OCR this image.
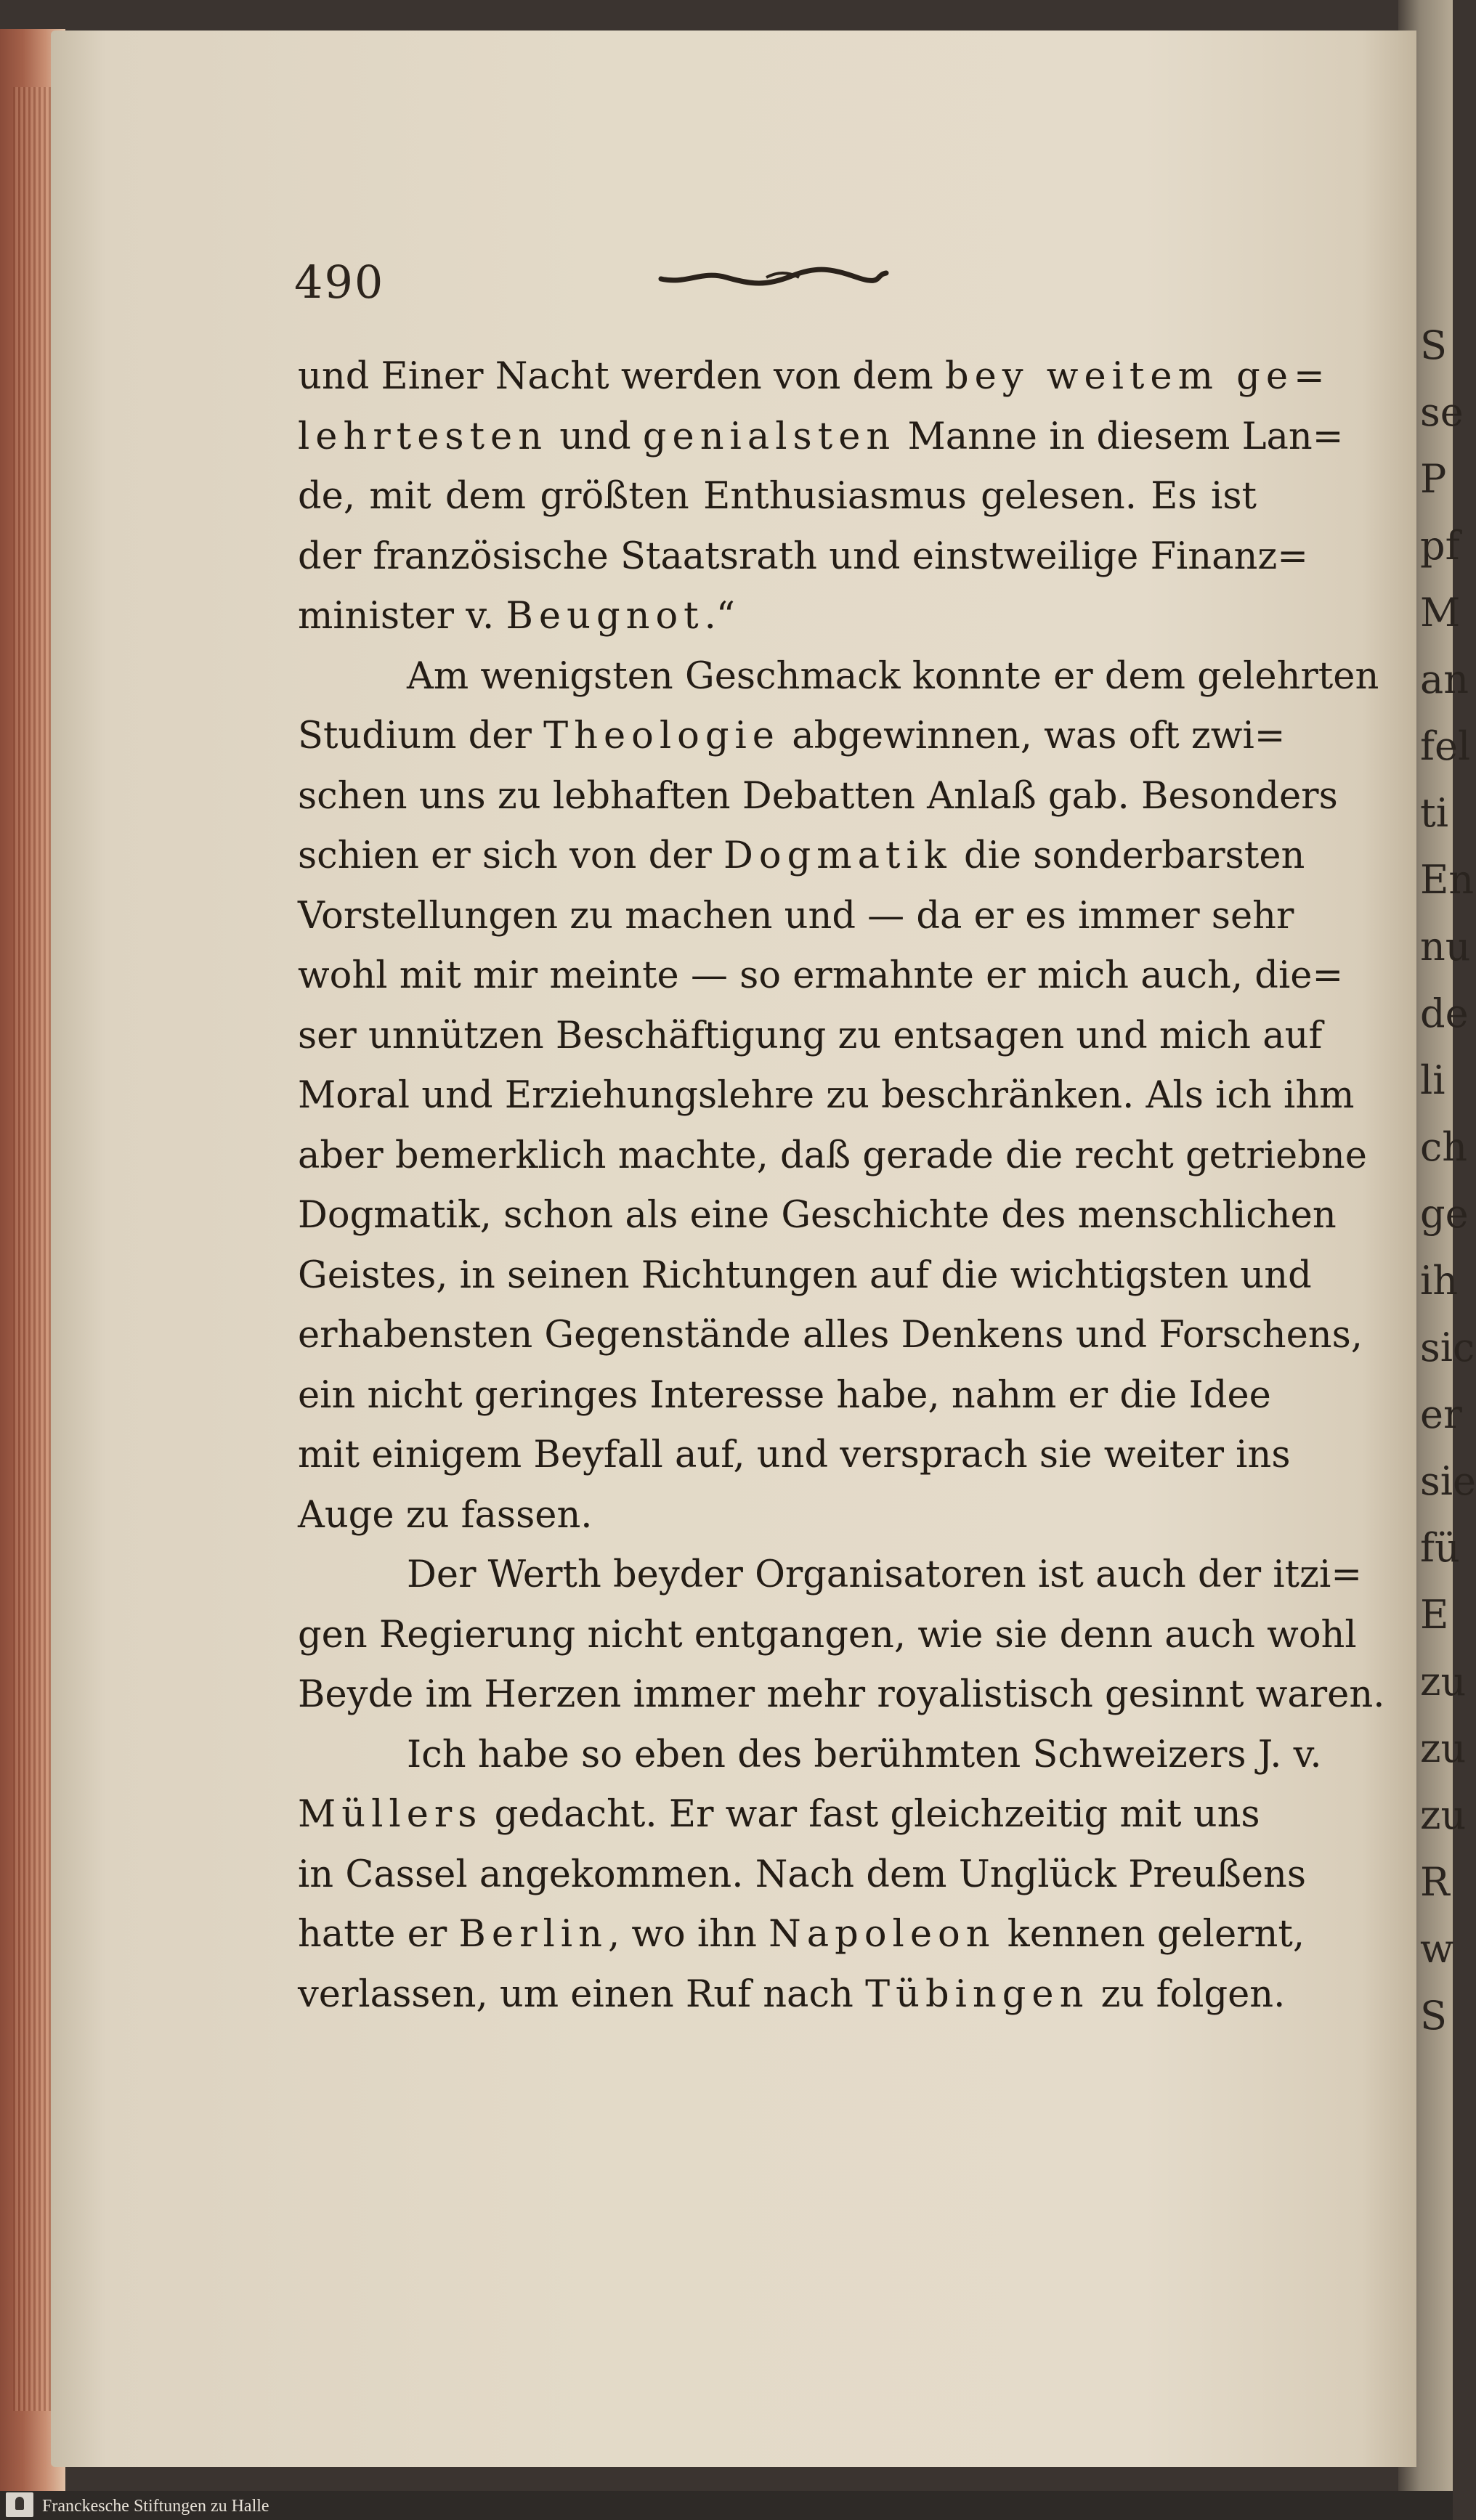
S
se
P
pf
M
an
fel
ti
En
nu
de
li
ch
ge
ih
sic
er
sie
fü
E
zu
zu
zu
R
w
S
490
und Einer Nacht werden von dem bey weitem ge=
lehrtesten und genialsten Manne in diesem Lan=
de, mit dem größten Enthusiasmus gelesen. Es ist
der französische Staatsrath und einstweilige Finanz=
minister v. Beugnot.“
Am wenigsten Geschmack konnte er dem gelehrten
Studium der Theologie abgewinnen, was oft zwi=
schen uns zu lebhaften Debatten Anlaß gab. Besonders
schien er sich von der Dogmatik die sonderbarsten
Vorstellungen zu machen und — da er es immer sehr
wohl mit mir meinte — so ermahnte er mich auch, die=
ser unnützen Beschäftigung zu entsagen und mich auf
Moral und Erziehungslehre zu beschränken. Als ich ihm
aber bemerklich machte, daß gerade die recht getriebne
Dogmatik, schon als eine Geschichte des menschlichen
Geistes, in seinen Richtungen auf die wichtigsten und
erhabensten Gegenstände alles Denkens und Forschens,
ein nicht geringes Interesse habe, nahm er die Idee
mit einigem Beyfall auf, und versprach sie weiter ins
Auge zu fassen.
Der Werth beyder Organisatoren ist auch der itzi=
gen Regierung nicht entgangen, wie sie denn auch wohl
Beyde im Herzen immer mehr royalistisch gesinnt waren.
Ich habe so eben des berühmten Schweizers J. v.
Müllers gedacht. Er war fast gleichzeitig mit uns
in Cassel angekommen. Nach dem Unglück Preußens
hatte er Berlin, wo ihn Napoleon kennen gelernt,
verlassen, um einen Ruf nach Tübingen zu folgen.
Franckesche Stiftungen zu Halle
